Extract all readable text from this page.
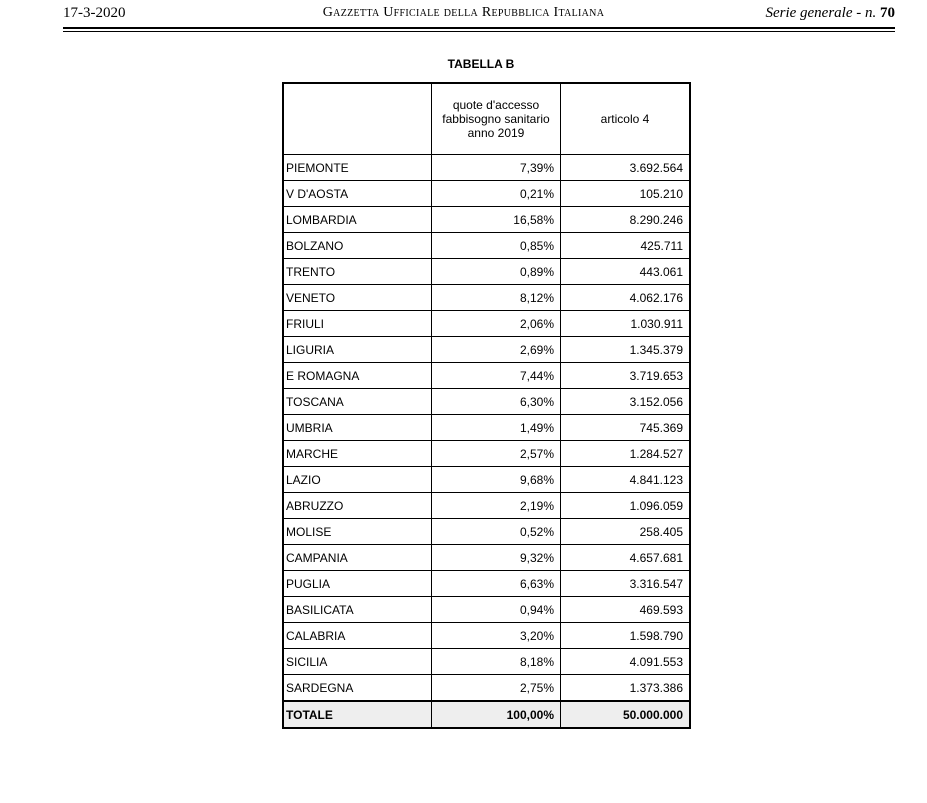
17-3-2020	Gazzetta Ufficiale della Repubblica Italiana	Serie generale - n. 70
TABELLA B
	quote d'accesso fabbisogno sanitario anno 2019	articolo 4
PIEMONTE	7,39%	3.692.564
V D'AOSTA	0,21%	105.210
LOMBARDIA	16,58%	8.290.246
BOLZANO	0,85%	425.711
TRENTO	0,89%	443.061
VENETO	8,12%	4.062.176
FRIULI	2,06%	1.030.911
LIGURIA	2,69%	1.345.379
E ROMAGNA	7,44%	3.719.653
TOSCANA	6,30%	3.152.056
UMBRIA	1,49%	745.369
MARCHE	2,57%	1.284.527
LAZIO	9,68%	4.841.123
ABRUZZO	2,19%	1.096.059
MOLISE	0,52%	258.405
CAMPANIA	9,32%	4.657.681
PUGLIA	6,63%	3.316.547
BASILICATA	0,94%	469.593
CALABRIA	3,20%	1.598.790
SICILIA	8,18%	4.091.553
SARDEGNA	2,75%	1.373.386
TOTALE	100,00%	50.000.000
